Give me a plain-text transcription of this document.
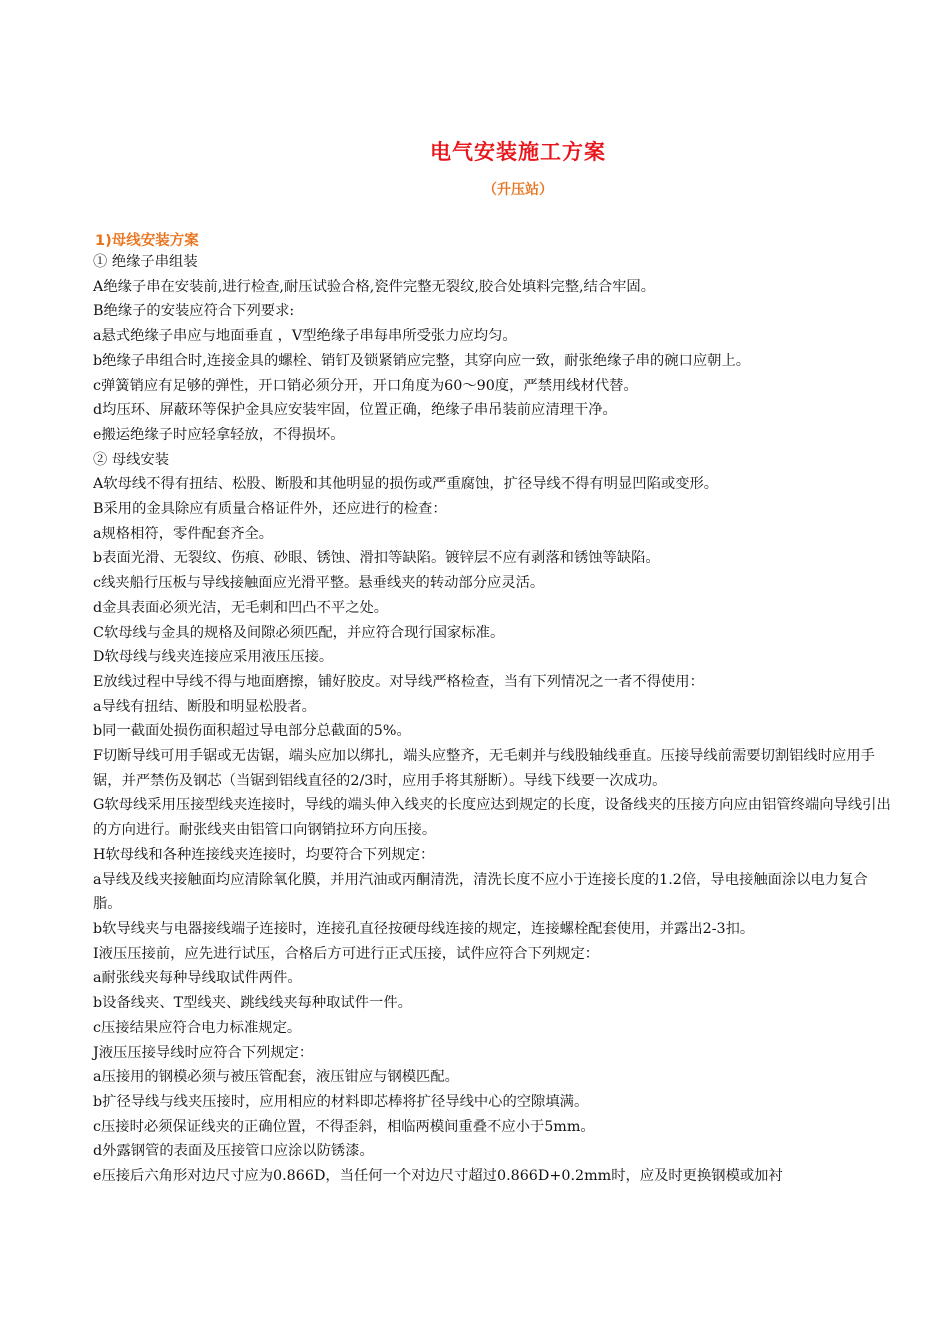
电气安装施工方案
（升压站）
1)母线安装方案

① 绝缘子串组装

A绝缘子串在安装前,进行检查,耐压试验合格,瓷件完整无裂纹,胶合处填料完整,结合牢固。

B绝缘子的安装应符合下列要求:

a悬式绝缘子串应与地面垂直 ，V型绝缘子串每串所受张力应均匀。

b绝缘子串组合时,连接金具的螺栓、销钉及锁紧销应完整，其穿向应一致，耐张绝缘子串的碗口应朝上。

c弹簧销应有足够的弹性，开口销必须分开，开口角度为60～90度，严禁用线材代替。

d均压环、屏蔽环等保护金具应安装牢固，位置正确，绝缘子串吊装前应清理干净。

e搬运绝缘子时应轻拿轻放，不得损坏。

② 母线安装

A软母线不得有扭结、松股、断股和其他明显的损伤或严重腐蚀，扩径导线不得有明显凹陷或变形。

B采用的金具除应有质量合格证件外，还应进行的检查：

a规格相符，零件配套齐全。

b表面光滑、无裂纹、伤痕、砂眼、锈蚀、滑扣等缺陷。镀锌层不应有剥落和锈蚀等缺陷。

c线夹船行压板与导线接触面应光滑平整。悬垂线夹的转动部分应灵活。

d金具表面必须光洁，无毛刺和凹凸不平之处。

C软母线与金具的规格及间隙必须匹配，并应符合现行国家标准。

D软母线与线夹连接应采用液压压接。

E放线过程中导线不得与地面磨擦，铺好胶皮。对导线严格检查，当有下列情况之一者不得使用：

a导线有扭结、断股和明显松股者。

b同一截面处损伤面积超过导电部分总截面的5%。

F切断导线可用手锯或无齿锯，端头应加以绑扎，端头应整齐，无毛刺并与线股轴线垂直。压接导线前需要切割铝线时应用手锯，并严禁伤及钢芯（当锯到铝线直径的2/3时，应用手将其掰断）。导线下线要一次成功。

G软母线采用压接型线夹连接时，导线的端头伸入线夹的长度应达到规定的长度，设备线夹的压接方向应由铝管终端向导线引出的方向进行。耐张线夹由铝管口向钢销拉环方向压接。

H软母线和各种连接线夹连接时，均要符合下列规定：

a导线及线夹接触面均应清除氧化膜，并用汽油或丙酮清洗，清洗长度不应小于连接长度的1.2倍，导电接触面涂以电力复合脂。

b软导线夹与电器接线端子连接时，连接孔直径按硬母线连接的规定，连接螺栓配套使用，并露出2-3扣。

I液压压接前，应先进行试压，合格后方可进行正式压接，试件应符合下列规定：

a耐张线夹每种导线取试件两件。

b设备线夹、T型线夹、跳线线夹每种取试件一件。

c压接结果应符合电力标准规定。

J液压压接导线时应符合下列规定：

a压接用的钢模必须与被压管配套，液压钳应与钢模匹配。

b扩径导线与线夹压接时，应用相应的材料即芯棒将扩径导线中心的空隙填满。

c压接时必须保证线夹的正确位置，不得歪斜，相临两模间重叠不应小于5mm。

d外露钢管的表面及压接管口应涂以防锈漆。

e压接后六角形对边尺寸应为0.866D，当任何一个对边尺寸超过0.866D+0.2mm时，应及时更换钢模或加衬
